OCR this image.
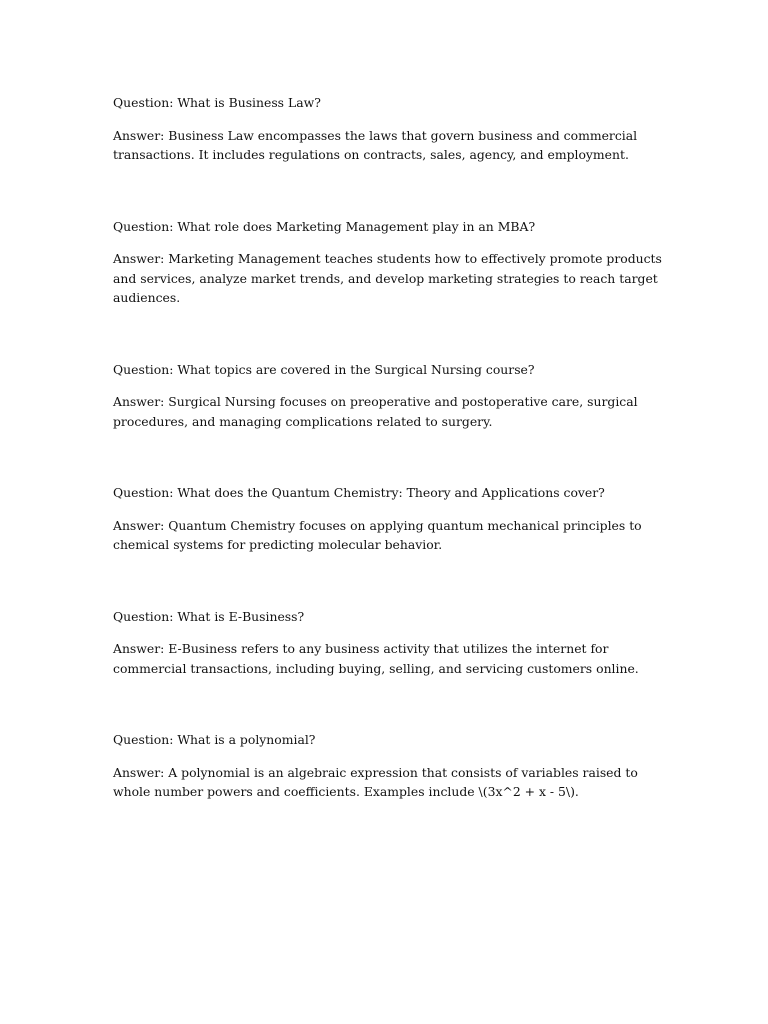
Question: What is Business Law?

Answer: Business Law encompasses the laws that govern business and commercial transactions. It includes regulations on contracts, sales, agency, and employment.

Question: What role does Marketing Management play in an MBA?

Answer: Marketing Management teaches students how to effectively promote products and services, analyze market trends, and develop marketing strategies to reach target audiences.

Question: What topics are covered in the Surgical Nursing course?

Answer: Surgical Nursing focuses on preoperative and postoperative care, surgical procedures, and managing complications related to surgery.

Question: What does the Quantum Chemistry: Theory and Applications cover?

Answer: Quantum Chemistry focuses on applying quantum mechanical principles to chemical systems for predicting molecular behavior.

Question: What is E-Business?

Answer: E-Business refers to any business activity that utilizes the internet for commercial transactions, including buying, selling, and servicing customers online.

Question: What is a polynomial?

Answer: A polynomial is an algebraic expression that consists of variables raised to whole number powers and coefficients. Examples include \(3x^2 + x - 5\).
